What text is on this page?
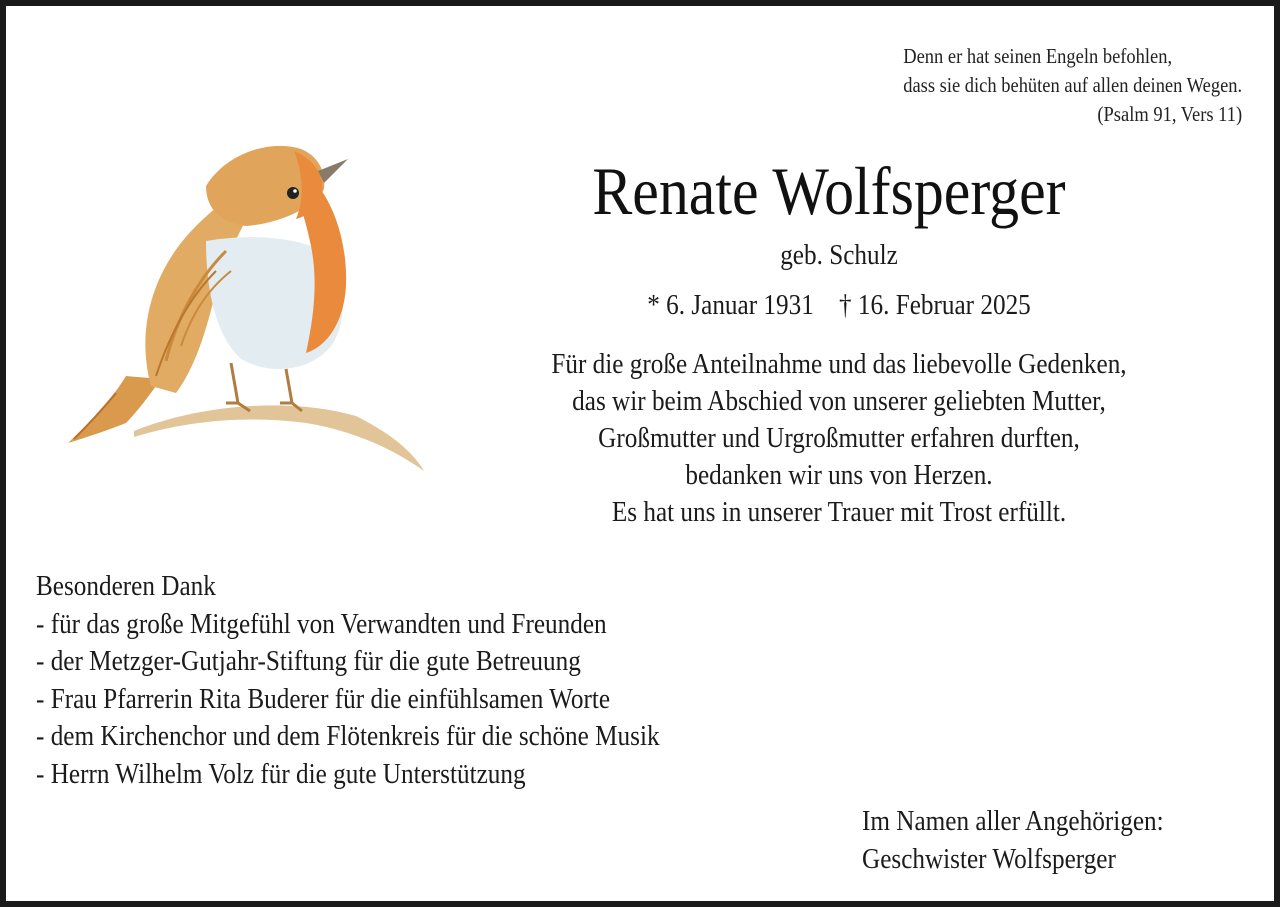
Denn er hat seinen Engeln befohlen,
dass sie dich behüten auf allen deinen Wegen.
(Psalm 91, Vers 11)
Renate Wolfsperger
geb. Schulz
* 6. Januar 1931 † 16. Februar 2025
Für die große Anteilnahme und das liebevolle Gedenken,
das wir beim Abschied von unserer geliebten Mutter,
Großmutter und Urgroßmutter erfahren durften,
bedanken wir uns von Herzen.
Es hat uns in unserer Trauer mit Trost erfüllt.
Besonderen Dank
- für das große Mitgefühl von Verwandten und Freunden
- der Metzger-Gutjahr-Stiftung für die gute Betreuung
- Frau Pfarrerin Rita Buderer für die einfühlsamen Worte
- dem Kirchenchor und dem Flötenkreis für die schöne Musik
- Herrn Wilhelm Volz für die gute Unterstützung
Im Namen aller Angehörigen:
Geschwister Wolfsperger
